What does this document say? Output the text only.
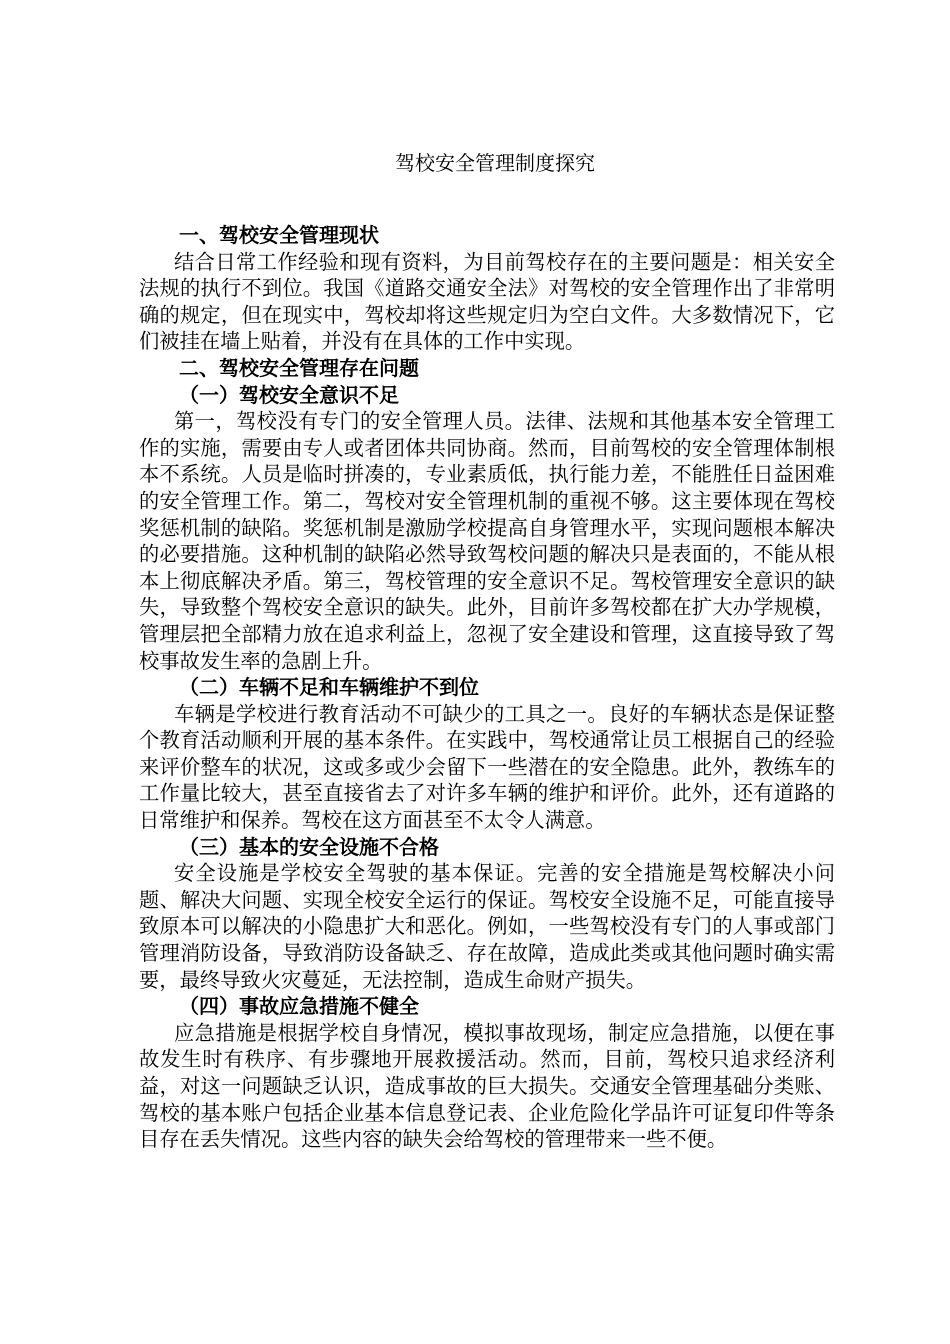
驾校安全管理制度探究

一、驾校安全管理现状

结合日常工作经验和现有资料，为目前驾校存在的主要问题是：相关安全法规的执行不到位。我国《道路交通安全法》对驾校的安全管理作出了非常明确的规定，但在现实中，驾校却将这些规定归为空白文件。大多数情况下，它们被挂在墙上贴着，并没有在具体的工作中实现。

二、驾校安全管理存在问题

（一）驾校安全意识不足

第一，驾校没有专门的安全管理人员。法律、法规和其他基本安全管理工作的实施，需要由专人或者团体共同协商。然而，目前驾校的安全管理体制根本不系统。人员是临时拼凑的，专业素质低，执行能力差，不能胜任日益困难的安全管理工作。第二，驾校对安全管理机制的重视不够。这主要体现在驾校奖惩机制的缺陷。奖惩机制是激励学校提高自身管理水平，实现问题根本解决的必要措施。这种机制的缺陷必然导致驾校问题的解决只是表面的，不能从根本上彻底解决矛盾。第三，驾校管理的安全意识不足。驾校管理安全意识的缺失，导致整个驾校安全意识的缺失。此外，目前许多驾校都在扩大办学规模，管理层把全部精力放在追求利益上，忽视了安全建设和管理，这直接导致了驾校事故发生率的急剧上升。

（二）车辆不足和车辆维护不到位

车辆是学校进行教育活动不可缺少的工具之一。良好的车辆状态是保证整个教育活动顺利开展的基本条件。在实践中，驾校通常让员工根据自己的经验来评价整车的状况，这或多或少会留下一些潜在的安全隐患。此外，教练车的工作量比较大，甚至直接省去了对许多车辆的维护和评价。此外，还有道路的日常维护和保养。驾校在这方面甚至不太令人满意。

（三）基本的安全设施不合格

安全设施是学校安全驾驶的基本保证。完善的安全措施是驾校解决小问题、解决大问题、实现全校安全运行的保证。驾校安全设施不足，可能直接导致原本可以解决的小隐患扩大和恶化。例如，一些驾校没有专门的人事或部门管理消防设备，导致消防设备缺乏、存在故障，造成此类或其他问题时确实需要，最终导致火灾蔓延，无法控制，造成生命财产损失。

（四）事故应急措施不健全

应急措施是根据学校自身情况，模拟事故现场，制定应急措施，以便在事故发生时有秩序、有步骤地开展救援活动。然而，目前，驾校只追求经济利益，对这一问题缺乏认识，造成事故的巨大损失。交通安全管理基础分类账、驾校的基本账户包括企业基本信息登记表、企业危险化学品许可证复印件等条目存在丢失情况。这些内容的缺失会给驾校的管理带来一些不便。
